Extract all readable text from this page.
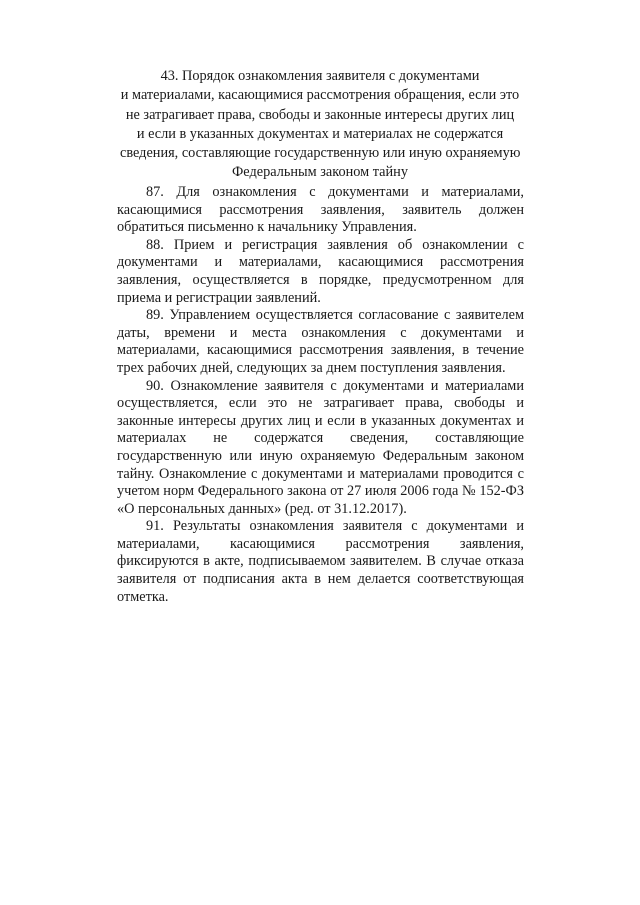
43. Порядок ознакомления заявителя с документами
и материалами, касающимися рассмотрения обращения, если это
не затрагивает права, свободы и законные интересы других лиц
и если в указанных документах и материалах не содержатся
сведения, составляющие государственную или иную охраняемую
Федеральным законом тайну

87. Для ознакомления с документами и материалами, касающимися рассмотрения заявления, заявитель должен обратиться письменно к начальнику Управления.

88. Прием и регистрация заявления об ознакомлении с документами и материалами, касающимися рассмотрения заявления, осуществляется в порядке, предусмотренном для приема и регистрации заявлений.

89. Управлением осуществляется согласование с заявителем даты, времени и места ознакомления с документами и материалами, касающимися рассмотрения заявления, в течение трех рабочих дней, следующих за днем поступления заявления.

90. Ознакомление заявителя с документами и материалами осуществляется, если это не затрагивает права, свободы и законные интересы других лиц и если в указанных документах и материалах не содержатся сведения, составляющие государственную или иную охраняемую Федеральным законом тайну. Ознакомление с документами и материалами проводится с учетом норм Федерального закона от 27 июля 2006 года № 152-ФЗ «О персональных данных» (ред. от 31.12.2017).

91. Результаты ознакомления заявителя с документами и материалами, касающимися рассмотрения заявления, фиксируются в акте, подписываемом заявителем. В случае отказа заявителя от подписания акта в нем делается соответствующая отметка.
